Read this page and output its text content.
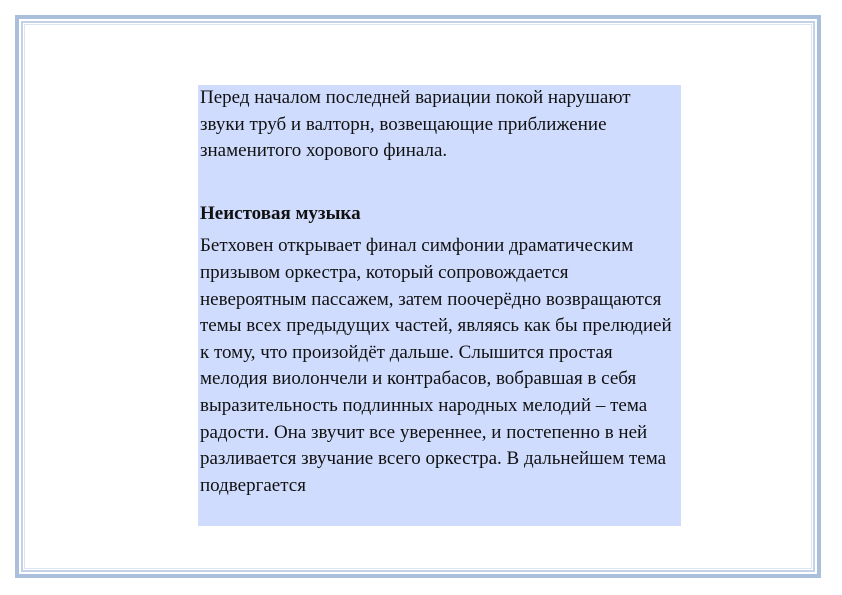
Перед началом последней вариации покой нарушают звуки труб и валторн, возвещающие приближение знаменитого хорового финала.

Неистовая музыка

Бетховен открывает финал симфонии драматическим призывом оркестра, который сопровождается невероятным пассажем, затем поочерёдно возвращаются темы всех предыдущих частей, являясь как бы прелюдией к тому, что произойдёт дальше. Слышится простая мелодия виолончели и контрабасов, вобравшая в себя выразительность подлинных народных мелодий – тема радости. Она звучит все увереннее, и постепенно в ней разливается звучание всего оркестра. В дальнейшем тема подвергается
